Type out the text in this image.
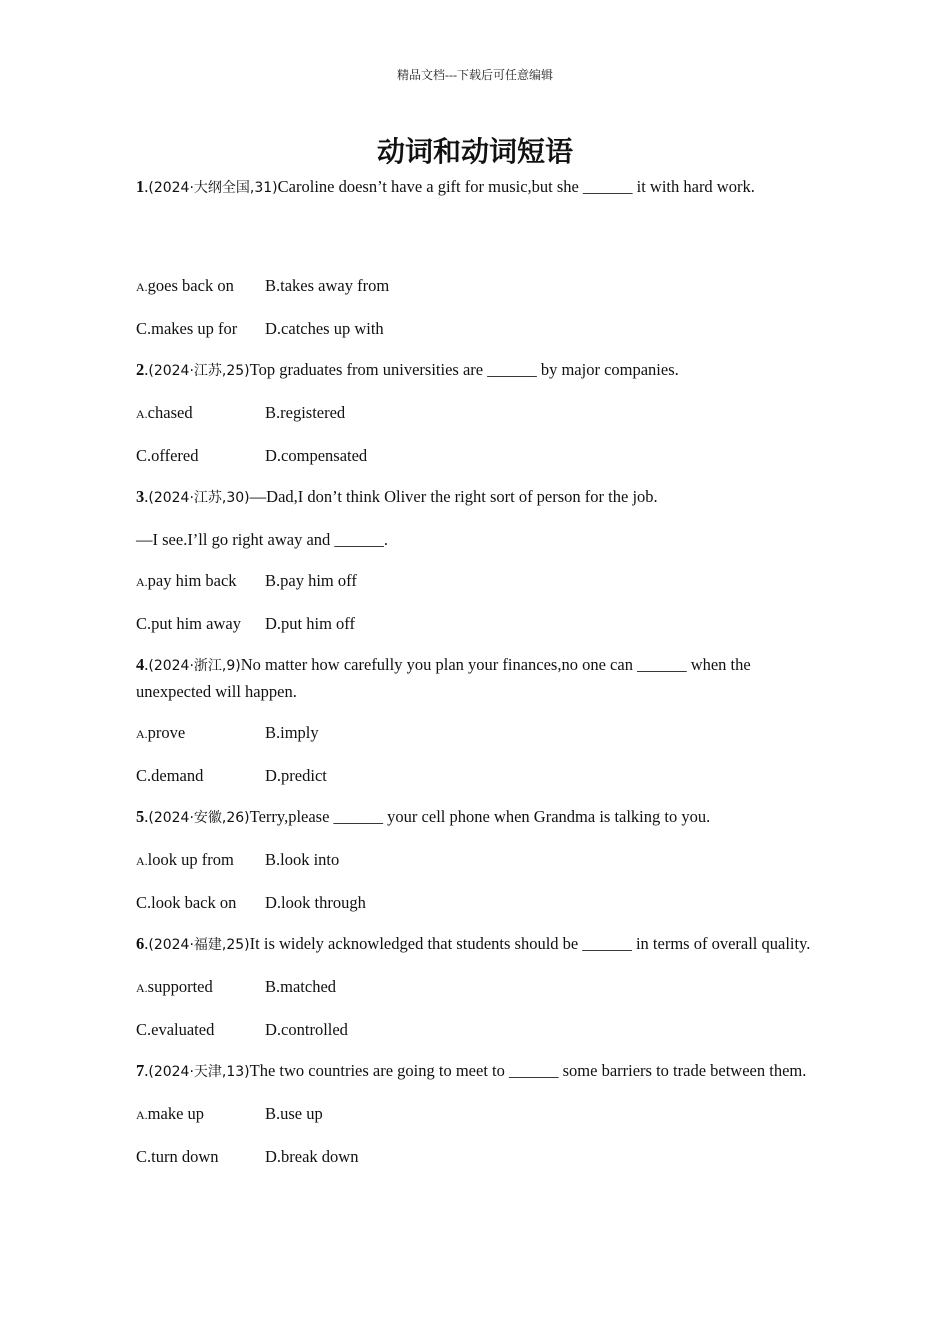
精品文档---下载后可任意编辑
动词和动词短语

1.(2024·大纲全国,31)Caroline doesn’t have a gift for music,but she ______ it with hard work.

A.goes back on	B.takes away from
C.makes up for	D.catches up with

2.(2024·江苏,25)Top graduates from universities are ______ by major companies.

A.chased	B.registered
C.offered	D.compensated

3.(2024·江苏,30)—Dad,I don’t think Oliver the right sort of person for the job.

—I see.I’ll go right away and ______.

A.pay him back	B.pay him off
C.put him away	D.put him off

4.(2024·浙江,9)No matter how carefully you plan your finances,no one can ______ when the unexpected will happen.

A.prove	B.imply
C.demand	D.predict

5.(2024·安徽,26)Terry,please ______ your cell phone when Grandma is talking to you.

A.look up from	B.look into
C.look back on	D.look through

6.(2024·福建,25)It is widely acknowledged that students should be ______ in terms of overall quality.

A.supported	B.matched
C.evaluated	D.controlled

7.(2024·天津,13)The two countries are going to meet to ______ some barriers to trade between them.

A.make up	B.use up
C.turn down	D.break down
